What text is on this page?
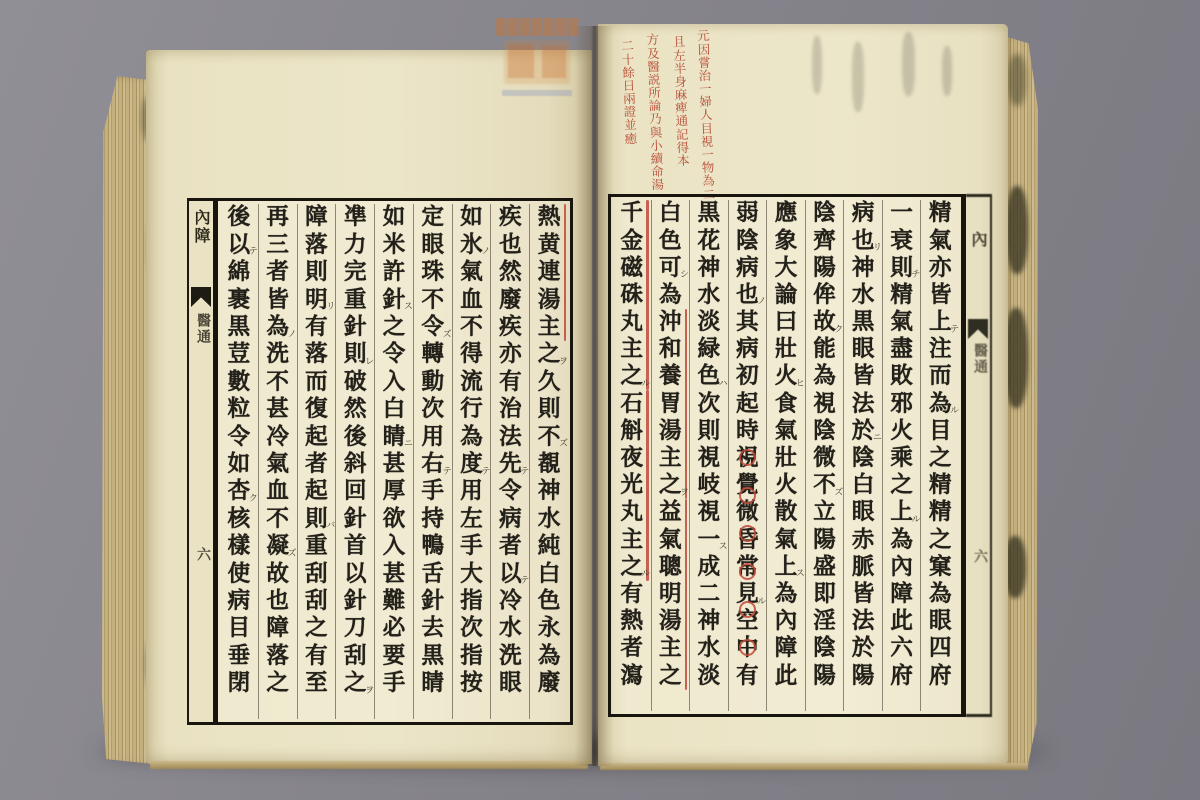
內障
醫通
六
內
醫通
六
熱
黄
連
湯
主
之
久
則
不
覩
神
水
純
白
色
永
為
廢
ヲ
ズ
疾
也
然
廢
疾
亦
有
治
法
先
令
病
者
以
冷
水
洗
眼
テ
テ
如
氷
氣
血
不
得
流
行
為
度
用
左
手
大
指
次
指
按
ノ
テ
定
眼
珠
不
令
轉
動
次
用
右
手
持
鴨
舌
針
去
黒
睛
ズ
テ
如
米
許
針
之
令
入
白
睛
甚
厚
欲
入
甚
難
必
要
手
ス
ニ
凖
力
完
重
針
則
破
然
後
斜
回
針
首
以
針
刀
刮
之
レ
ヲ
障
落
則
明
有
落
而
復
起
者
起
則
重
刮
刮
之
有
至
リ
バ
再
三
者
皆
為
洗
不
甚
冷
氣
血
不
凝
故
也
障
落
之
ノ
ズ
後
以
綿
裹
黒
荳
數
粒
令
如
杏
核
樣
使
病
目
垂
閉
テ
ク
精
氣
亦
皆
上
注
而
為
目
之
精
精
之
窠
為
眼
四
府
テ
ル
一
衰
則
精
氣
盡
敗
邪
火
乘
之
上
為
內
障
此
六
府
チ
ル
病
也
神
水
黒
眼
皆
法
於
陰
白
眼
赤
脈
皆
法
於
陽
リ
ニ
陰
齊
陽
侔
故
能
為
視
陰
微
不
立
陽
盛
即
淫
陰
陽
ク
ズ
應
象
大
論
曰
壯
火
食
氣
壯
火
散
氣
上
為
內
障
此
ヒ
ス
弱
陰
病
也
其
病
初
起
時
視
覺
微
昏
常
見
空
中
有
ノ
ル
黒
花
神
水
淡
緑
色
次
則
視
岐
視
一
成
二
神
水
淡
ハ
ス
白
色
可
為
沖
和
養
胃
湯
主
之
益
氣
聰
明
湯
主
之
シ
ヲ
千
金
磁
硃
丸
主
之
石
斛
夜
光
丸
主
之
有
熱
者
瀉
ル
ル
元
因
嘗
治
一
婦
人
目
視
一
物
為
二
且
左
半
身
麻
痺
通
記
得
本
方
及
醫
説
所
論
乃
與
小
續
命
湯
二
十
餘
日
兩
證
並
癒
